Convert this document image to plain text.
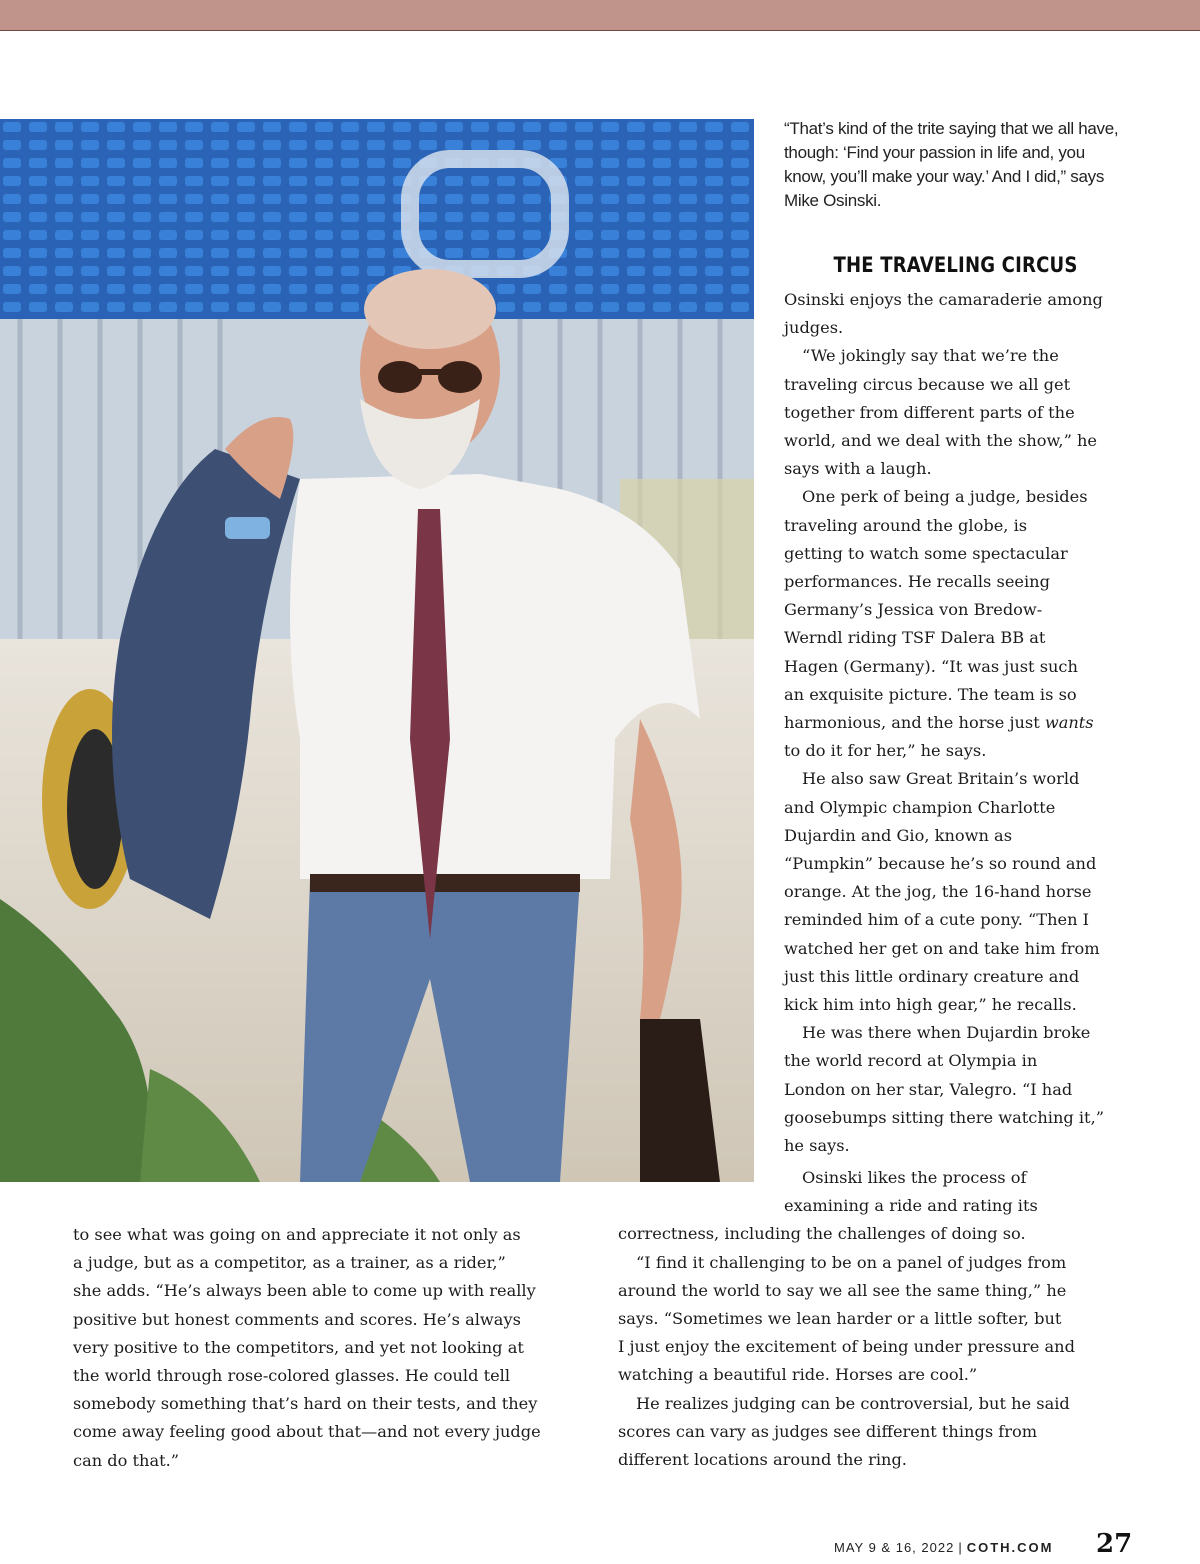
“That’s kind of the trite saying that we all have, though: ‘Find your passion in life and, you know, you’ll make your way.’ And I did,” says Mike Osinski.

THE TRAVELING CIRCUS

Osinski enjoys the camaraderie among
judges.

“We jokingly say that we’re the
traveling circus because we all get
together from different parts of the
world, and we deal with the show,” he
says with a laugh.

One perk of being a judge, besides
traveling around the globe, is
getting to watch some spectacular
performances. He recalls seeing
Germany’s Jessica von Bredow-
Werndl riding TSF Dalera BB at
Hagen (Germany). “It was just such
an exquisite picture. The team is so
harmonious, and the horse just wants
to do it for her,” he says.

He also saw Great Britain’s world
and Olympic champion Charlotte
Dujardin and Gio, known as
“Pumpkin” because he’s so round and
orange. At the jog, the 16-hand horse
reminded him of a cute pony. “Then I
watched her get on and take him from
just this little ordinary creature and
kick him into high gear,” he recalls.

He was there when Dujardin broke
the world record at Olympia in
London on her star, Valegro. “I had
goosebumps sitting there watching it,”
he says.

to see what was going on and appreciate it not only as
a judge, but as a competitor, as a trainer, as a rider,”
she adds. “He’s always been able to come up with really
positive but honest comments and scores. He’s always
very positive to the competitors, and yet not looking at
the world through rose-colored glasses. He could tell
somebody something that’s hard on their tests, and they
come away feeling good about that—and not every judge
can do that.”
Osinski likes the process of
examining a ride and rating its
correctness, including the challenges of doing so.
“I find it challenging to be on a panel of judges from
around the world to say we all see the same thing,” he
says. “Sometimes we lean harder or a little softer, but
I just enjoy the excitement of being under pressure and
watching a beautiful ride. Horses are cool.”
He realizes judging can be controversial, but he said
scores can vary as judges see different things from
different locations around the ring.
MAY 9 & 16, 2022 | COTH.COM 27
